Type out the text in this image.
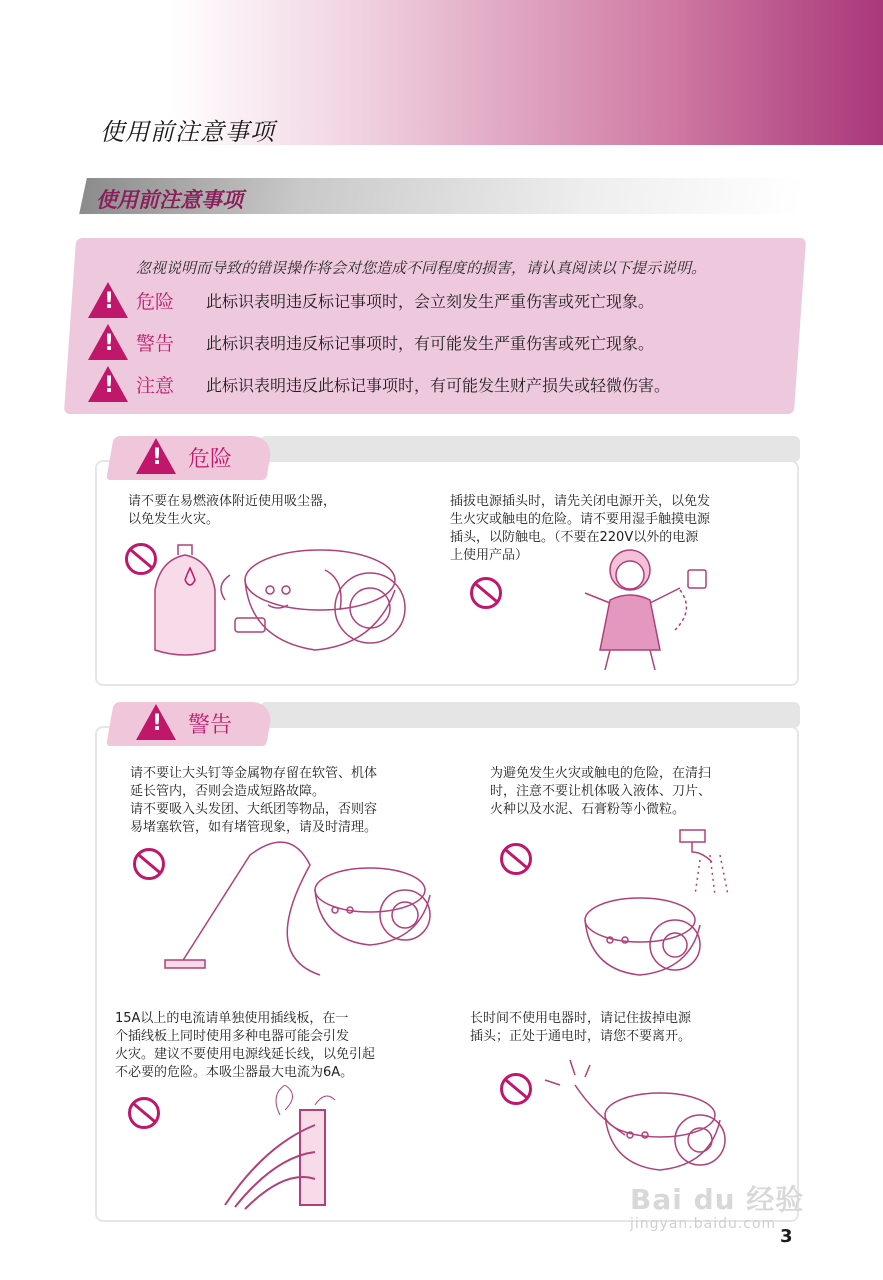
使用前注意事项
使用前注意事项
忽视说明而导致的错误操作将会对您造成不同程度的损害，请认真阅读以下提示说明。
! 危险	此标识表明违反标记事项时，会立刻发生严重伤害或死亡现象。
! 警告	此标识表明违反标记事项时，有可能发生严重伤害或死亡现象。
! 注意	此标识表明违反此标记事项时，有可能发生财产损失或轻微伤害。
! 危险
请不要在易燃液体附近使用吸尘器，
以免发生火灾。
插拔电源插头时，请先关闭电源开关，以免发
生火灾或触电的危险。请不要用湿手触摸电源
插头，以防触电。（不要在220V以外的电源
上使用产品）
! 警告
请不要让大头钉等金属物存留在软管、机体
延长管内，否则会造成短路故障。
请不要吸入头发团、大纸团等物品，否则容
易堵塞软管，如有堵管现象，请及时清理。
为避免发生火灾或触电的危险，在清扫
时，注意不要让机体吸入液体、刀片、
火种以及水泥、石膏粉等小微粒。
15A以上的电流请单独使用插线板，在一
个插线板上同时使用多种电器可能会引发
火灾。建议不要使用电源线延长线，以免引起
不必要的危险。本吸尘器最大电流为6A。
长时间不使用电器时，请记住拔掉电源
插头；正处于通电时，请您不要离开。
Bai du 经验
jingyan.baidu.com
3
